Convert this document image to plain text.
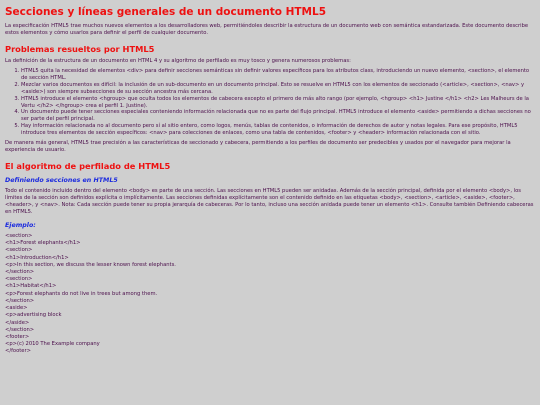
Secciones y líneas generales de un documento HTML5

La especificación HTML5 trae muchos nuevos elementos a los desarrolladores web, permitiéndoles describir la estructura de un documento web con semántica estandarizada. Este documento describe estos elementos y cómo usarlos para definir el perfil de cualquier documento.

Problemas resueltos por HTML5

La definición de la estructura de un documento en HTML 4 y su algoritmo de perfilado es muy tosco y genera numerosos problemas:

1. HTML5 quita la necesidad de elementos <div> para definir secciones semánticas sin definir valores específicos para los atributos class, introduciendo un nuevo elemento, <section>, el elemento de sección HTML.
2. Mezclar varios documentos es difícil: la inclusión de un sub-documento en un documento principal. Esto se resuelve en HTML5 con los elementos de seccionado (<article>, <section>, <nav> y <aside>) son siempre subsecciones de su sección ancestra más cercana.
3. HTML5 introduce el elemento <hgroup> que oculta todos los elementos de cabecera excepto el primero de más alto rango (por ejemplo, <hgroup> <h1> Justine </h1> <h2> Les Malheurs de la Vertu </h2> </hgroup> crea el perfil 1. Justine).
4. Un documento puede tener secciones especiales conteniendo información relacionada que no es parte del flujo principal. HTML5 introduce el elemento <aside> permitiendo a dichas secciones no ser parte del perfil principal.
5. Hay información relacionada no al documento pero sí al sitio entero, como logos, menús, tablas de contenidos, o información de derechos de autor y notas legales. Para ese propósito, HTML5 introduce tres elementos de sección específicos: <nav> para colecciones de enlaces, como una tabla de contenidos, <footer> y <header> información relacionada con el sitio.

De manera más general, HTML5 trae precisión a las características de seccionado y cabecera, permitiendo a los perfiles de documento ser predecibles y usados por el navegador para mejorar la experiencia de usuario.

El algoritmo de perfilado de HTML5
Definiendo secciones en HTML5

Todo el contenido incluido dentro del elemento <body> es parte de una sección. Las secciones en HTML5 pueden ser anidadas. Además de la sección principal, definida por el elemento <body>, los límites de la sección son definidos explícita o implícitamente. Las secciones definidas explícitamente son el contenido definido en las etiquetas <body>, <section>, <article>, <aside>, <footer>, <header>, y <nav>. Nota: Cada sección puede tener su propia jerarquía de cabeceras. Por lo tanto, incluso una sección anidada puede tener un elemento <h1>. Consulte también Definiendo cabeceras en HTML5.

Ejemplo:
<section>
<h1>Forest elephants</h1>
<section>
<h1>Introduction</h1>
<p>In this section, we discuss the lesser known forest elephants.
</section>
<section>
<h1>Habitat</h1>
<p>Forest elephants do not live in trees but among them.
</section>
<aside>
<p>advertising block
</aside>
</section>
<footer>
<p>(c) 2010 The Example company
</footer>
